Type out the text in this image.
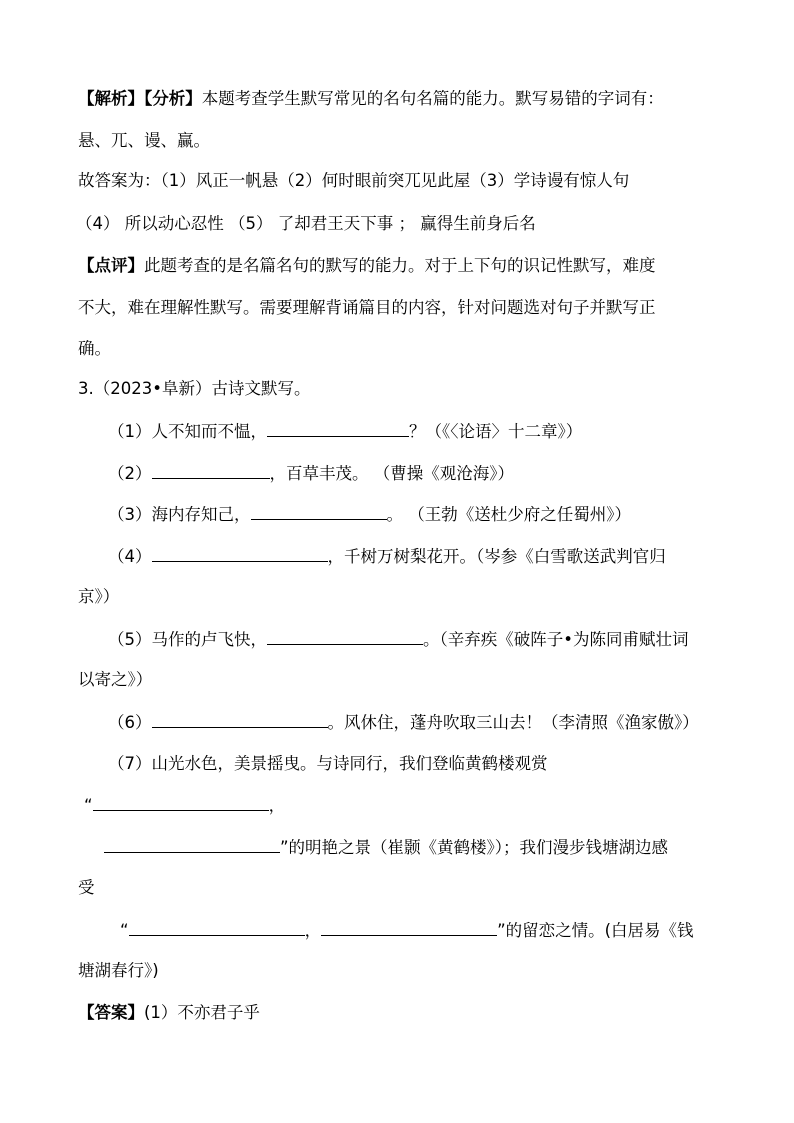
【解析】【分析】本题考查学生默写常见的名句名篇的能力。默写易错的字词有：
悬、兀、谩、赢。
故答案为：（1）风正一帆悬（2）何时眼前突兀见此屋（3）学诗谩有惊人句
（4） 所以动心忍性 （5） 了却君王天下事 ； 赢得生前身后名
【点评】此题考查的是名篇名句的默写的能力。对于上下句的识记性默写，难度
不大，难在理解性默写。需要理解背诵篇目的内容，针对问题选对句子并默写正
确。
3.（2023•阜新）古诗文默写。
（1）人不知而不愠，	？（《〈论语〉十二章》）
（2）	，百草丰茂。 （曹操《观沧海》）
（3）海内存知己，	。 （王勃《送杜少府之任蜀州》）
（4）	，千树万树梨花开。（岑参《白雪歌送武判官归
京》）
（5）马作的卢飞快，	。（辛弃疾《破阵子•为陈同甫赋壮词
以寄之》）
（6）	。风休住，蓬舟吹取三山去！（李清照《渔家傲》）
（7）山光水色，美景摇曳。与诗同行，我们登临黄鹤楼观赏
“	，
”的明艳之景（崔颢《黄鹤楼》）；我们漫步钱塘湖边感
受
“	，	”的留恋之情。(白居易《钱
塘湖春行》)
【答案】(1）不亦君子乎
